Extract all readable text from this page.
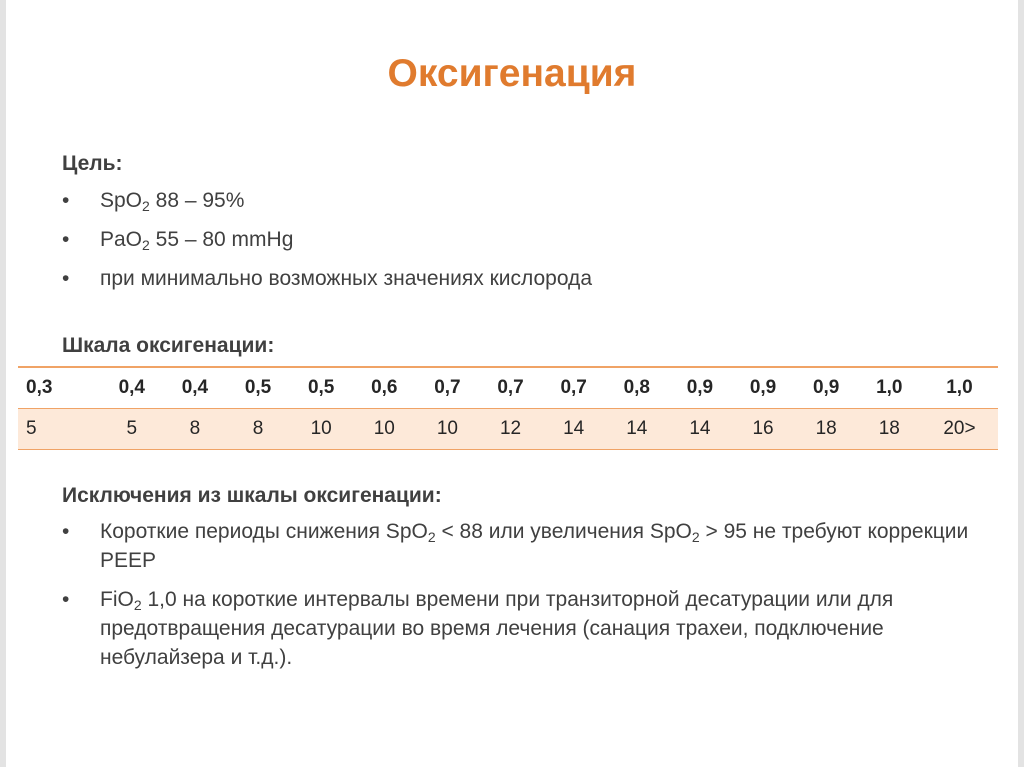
Оксигенация
Цель:
• SpO$_2$ 88 – 95%
• PaO$_2$ 55 – 80 mmHg
• при минимально возможных значениях кислорода
Шкала оксигенации:
0,3	0,4	0,4	0,5	0,5	0,6	0,7	0,7	0,7	0,8	0,9	0,9	0,9	1,0	1,0
5	5	8	8	10	10	10	12	14	14	14	16	18	18	20>
Исключения из шкалы оксигенации:
• Короткие периоды снижения SpO$_2$ < 88 или увеличения SpO$_2$ > 95 не требуют коррекции PEEP
• FiO$_2$ 1,0 на короткие интервалы времени при транзиторной десатурации или для предотвращения десатурации во время лечения (санация трахеи, подключение небулайзера и т.д.).
